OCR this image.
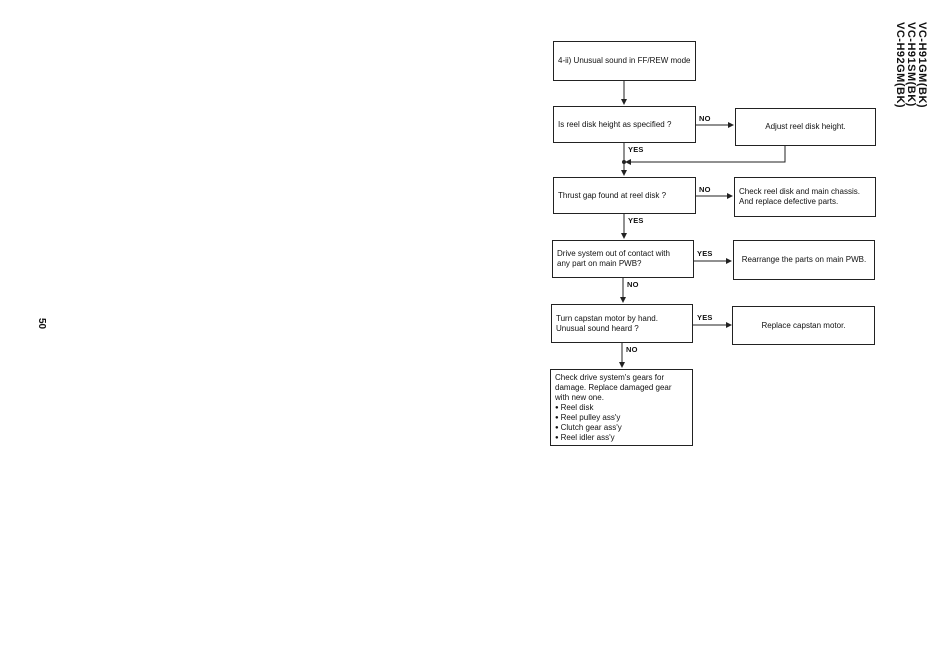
4-ii) Unusual sound in FF/REW mode
Is reel disk height as specified ?
NO
YES
Adjust reel disk height.
Thrust gap found at reel disk ?
NO
YES
Check reel disk and main chassis.
And replace defective parts.
Drive system out of contact with
any part on main PWB?
YES
NO
Rearrange the parts on main PWB.
Turn capstan motor by hand.
Unusual sound heard ?
YES
NO
Replace capstan motor.
Check drive system's gears for
damage. Replace damaged gear
with new one.
● Reel disk
● Reel pulley ass'y
● Clutch gear ass'y
● Reel idler ass'y
VC-H91GM(BK)
VC-H91SM(BK)
VC-H92GM(BK)
50
